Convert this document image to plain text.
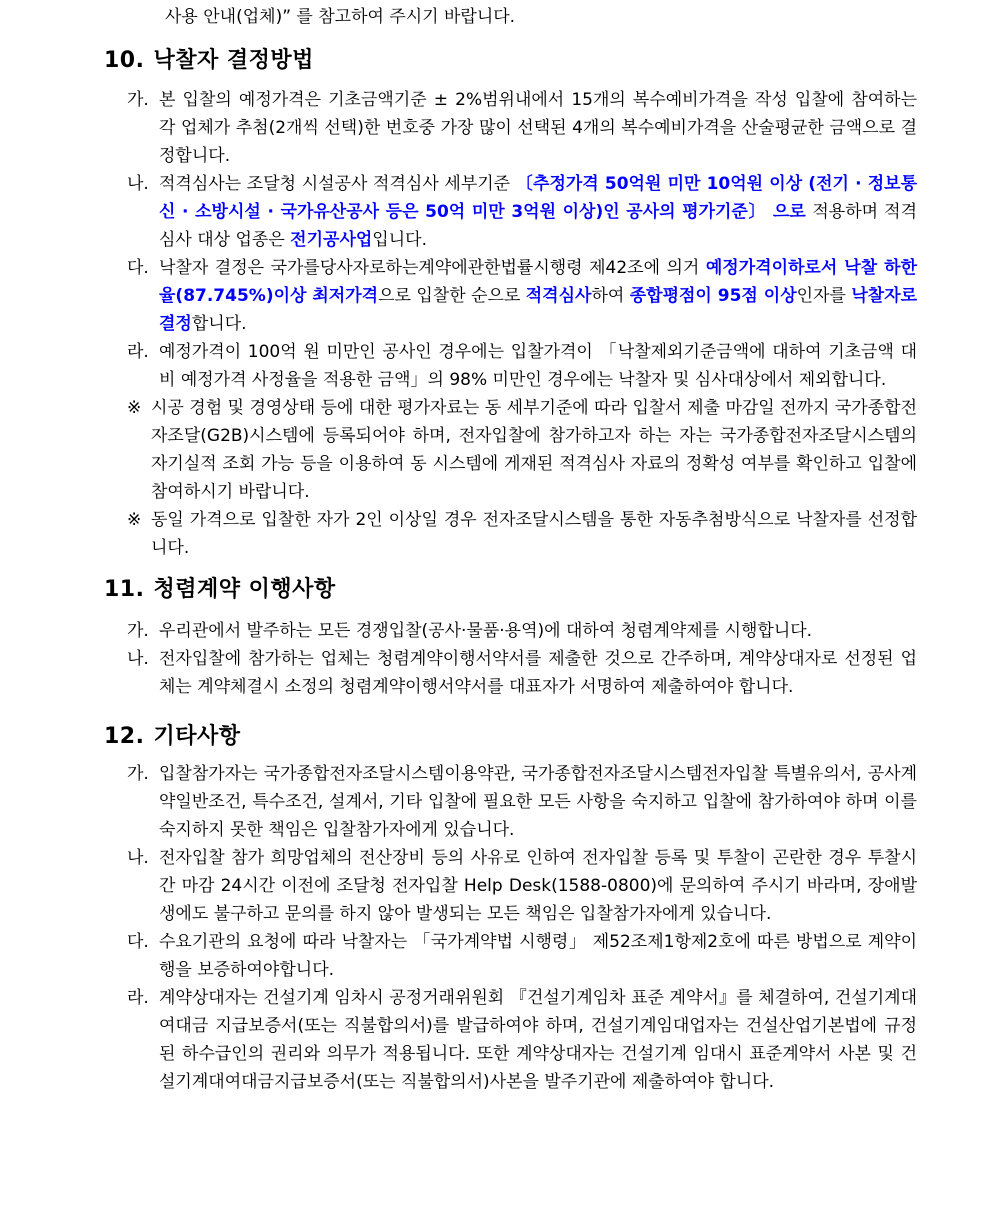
사용 안내(업체)” 를 참고하여 주시기 바랍니다.
10. 낙찰자 결정방법
가. 본 입찰의 예정가격은 기초금액기준 ± 2%범위내에서 15개의 복수예비가격을 작성 입찰에 참여하는 각 업체가 추첨(2개씩 선택)한 번호중 가장 많이 선택된 4개의 복수예비가격을 산술평균한 금액으로 결정합니다.
나. 적격심사는 조달청 시설공사 적격심사 세부기준 〔추정가격 50억원 미만 10억원 이상 (전기 · 정보통신 · 소방시설 · 국가유산공사 등은 50억 미만 3억원 이상)인 공사의 평가기준〕 으로 적용하며 적격심사 대상 업종은 전기공사업입니다.
다. 낙찰자 결정은 국가를당사자로하는계약에관한법률시행령 제42조에 의거 예정가격이하로서 낙찰 하한율(87.745%)이상 최저가격으로 입찰한 순으로 적격심사하여 종합평점이 95점 이상인자를 낙찰자로 결정합니다.
라. 예정가격이 100억 원 미만인 공사인 경우에는 입찰가격이 「낙찰제외기준금액에 대하여 기초금액 대비 예정가격 사정율을 적용한 금액」의 98% 미만인 경우에는 낙찰자 및 심사대상에서 제외합니다.
※ 시공 경험 및 경영상태 등에 대한 평가자료는 동 세부기준에 따라 입찰서 제출 마감일 전까지 국가종합전자조달(G2B)시스템에 등록되어야 하며, 전자입찰에 참가하고자 하는 자는 국가종합전자조달시스템의 자기실적 조회 가능 등을 이용하여 동 시스템에 게재된 적격심사 자료의 정확성 여부를 확인하고 입찰에 참여하시기 바랍니다.
※ 동일 가격으로 입찰한 자가 2인 이상일 경우 전자조달시스템을 통한 자동추첨방식으로 낙찰자를 선정합니다.
11. 청렴계약 이행사항
가. 우리관에서 발주하는 모든 경쟁입찰(공사·물품·용역)에 대하여 청렴계약제를 시행합니다.
나. 전자입찰에 참가하는 업체는 청렴계약이행서약서를 제출한 것으로 간주하며, 계약상대자로 선정된 업체는 계약체결시 소정의 청렴계약이행서약서를 대표자가 서명하여 제출하여야 합니다.
12. 기타사항
가. 입찰참가자는 국가종합전자조달시스템이용약관, 국가종합전자조달시스템전자입찰 특별유의서, 공사계약일반조건, 특수조건, 설계서, 기타 입찰에 필요한 모든 사항을 숙지하고 입찰에 참가하여야 하며 이를 숙지하지 못한 책임은 입찰참가자에게 있습니다.
나. 전자입찰 참가 희망업체의 전산장비 등의 사유로 인하여 전자입찰 등록 및 투찰이 곤란한 경우 투찰시간 마감 24시간 이전에 조달청 전자입찰 Help Desk(1588-0800)에 문의하여 주시기 바라며, 장애발생에도 불구하고 문의를 하지 않아 발생되는 모든 책임은 입찰참가자에게 있습니다.
다. 수요기관의 요청에 따라 낙찰자는 「국가계약법 시행령」 제52조제1항제2호에 따른 방법으로 계약이행을 보증하여야합니다.
라. 계약상대자는 건설기계 임차시 공정거래위원회 『건설기계임차 표준 계약서』를 체결하여, 건설기계대여대금 지급보증서(또는 직불합의서)를 발급하여야 하며, 건설기계임대업자는 건설산업기본법에 규정된 하수급인의 권리와 의무가 적용됩니다. 또한 계약상대자는 건설기계 임대시 표준계약서 사본 및 건설기계대여대금지급보증서(또는 직불합의서)사본을 발주기관에 제출하여야 합니다.
